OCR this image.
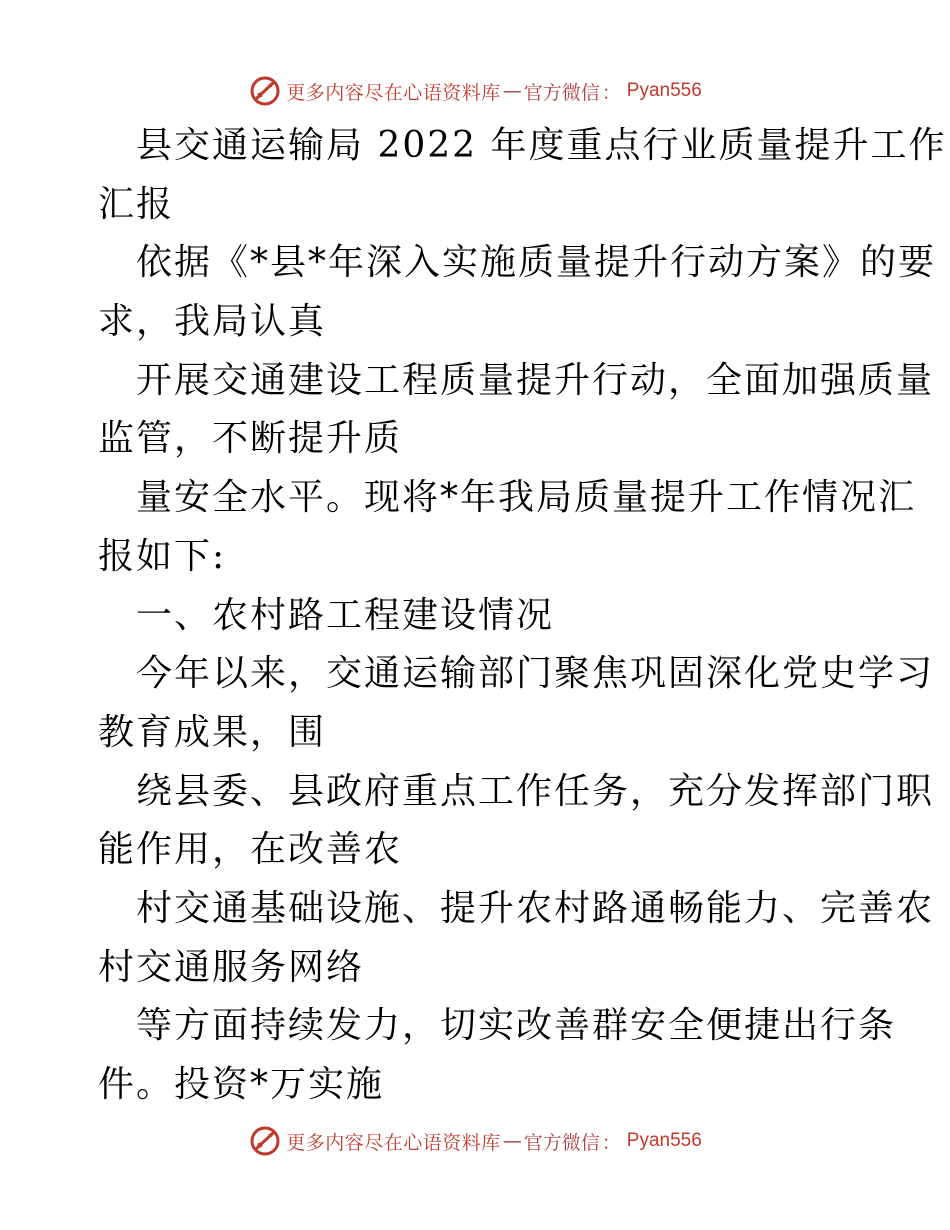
更多内容尽在心语资料库 — 官方微信 ： Pyan556
县交通运输局 2022 年度重点行业质量提升工作
汇报
依据《*县*年深入实施质量提升行动方案》的要
求，我局认真
开展交通建设工程质量提升行动，全面加强质量
监管，不断提升质
量安全水平。现将*年我局质量提升工作情况汇
报如下:
一、农村路工程建设情况
今年以来，交通运输部门聚焦巩固深化党史学习
教育成果，围
绕县委、县政府重点工作任务，充分发挥部门职
能作用，在改善农
村交通基础设施、提升农村路通畅能力、完善农
村交通服务网络
等方面持续发力，切实改善群安全便捷出行条
件。投资*万实施
更多内容尽在心语资料库 — 官方微信 ： Pyan556
